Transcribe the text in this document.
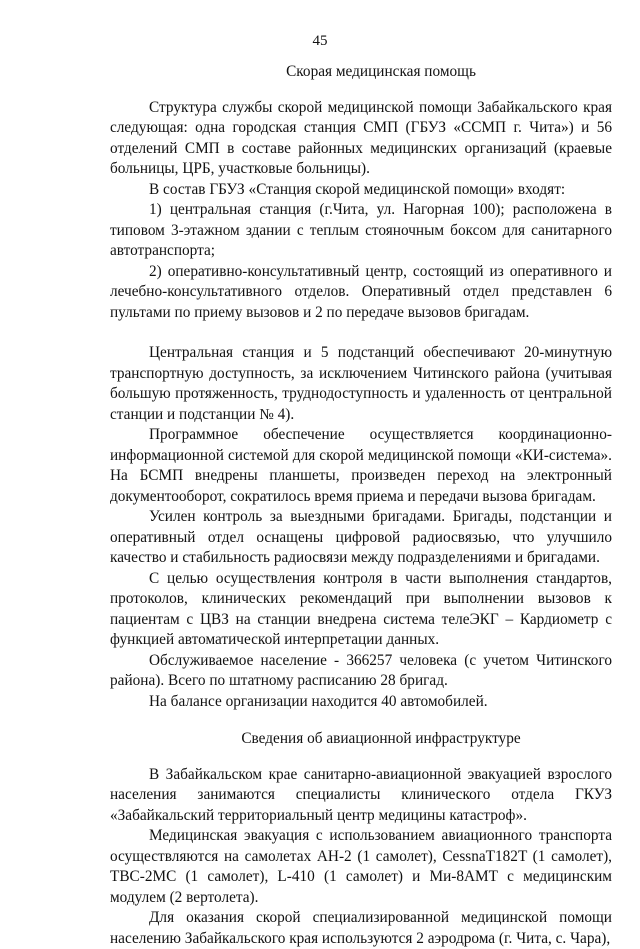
45
Скорая медицинская помощь

Структура службы скорой медицинской помощи Забайкальского края следующая: одна городская станция СМП (ГБУЗ «ССМП г. Чита») и 56 отделений СМП в составе районных медицинских организаций (краевые больницы, ЦРБ, участковые больницы).

В состав ГБУЗ «Станция скорой медицинской помощи» входят:

1) центральная станция (г.Чита, ул. Нагорная 100); расположена в типовом 3-этажном здании с теплым стояночным боксом для санитарного автотранспорта;

2) оперативно-консультативный центр, состоящий из оперативного и лечебно-консультативного отделов. Оперативный отдел представлен 6 пультами по приему вызовов и 2 по передаче вызовов бригадам.

Центральная станция и 5 подстанций обеспечивают 20-минутную транспортную доступность, за исключением Читинского района (учитывая большую протяженность, труднодоступность и удаленность от центральной станции и подстанции № 4).

Программное обеспечение осуществляется координационно-информационной системой для скорой медицинской помощи «КИ-система». На БСМП внедрены планшеты, произведен переход на электронный документооборот, сократилось время приема и передачи вызова бригадам.

Усилен контроль за выездными бригадами. Бригады, подстанции и оперативный отдел оснащены цифровой радиосвязью, что улучшило качество и стабильность радиосвязи между подразделениями и бригадами.

С целью осуществления контроля в части выполнения стандартов, протоколов, клинических рекомендаций при выполнении вызовов к пациентам с ЦВЗ на станции внедрена система телеЭКГ – Кардиометр с функцией автоматической интерпретации данных.

Обслуживаемое население - 366257 человека (с учетом Читинского района). Всего по штатному расписанию 28 бригад.

На балансе организации находится 40 автомобилей.

Сведения об авиационной инфраструктуре

В Забайкальском крае санитарно-авиационной эвакуацией взрослого населения занимаются специалисты клинического отдела ГКУЗ «Забайкальский территориальный центр медицины катастроф».

Медицинская эвакуация с использованием авиационного транспорта осуществляются на самолетах АН-2 (1 самолет), CessnaT182T (1 самолет), ТВС-2МС (1 самолет), L-410 (1 самолет) и Ми-8АМТ с медицинским модулем (2 вертолета).

Для оказания скорой специализированной медицинской помощи населению Забайкальского края используются 2 аэродрома (г. Чита, с. Чара),
